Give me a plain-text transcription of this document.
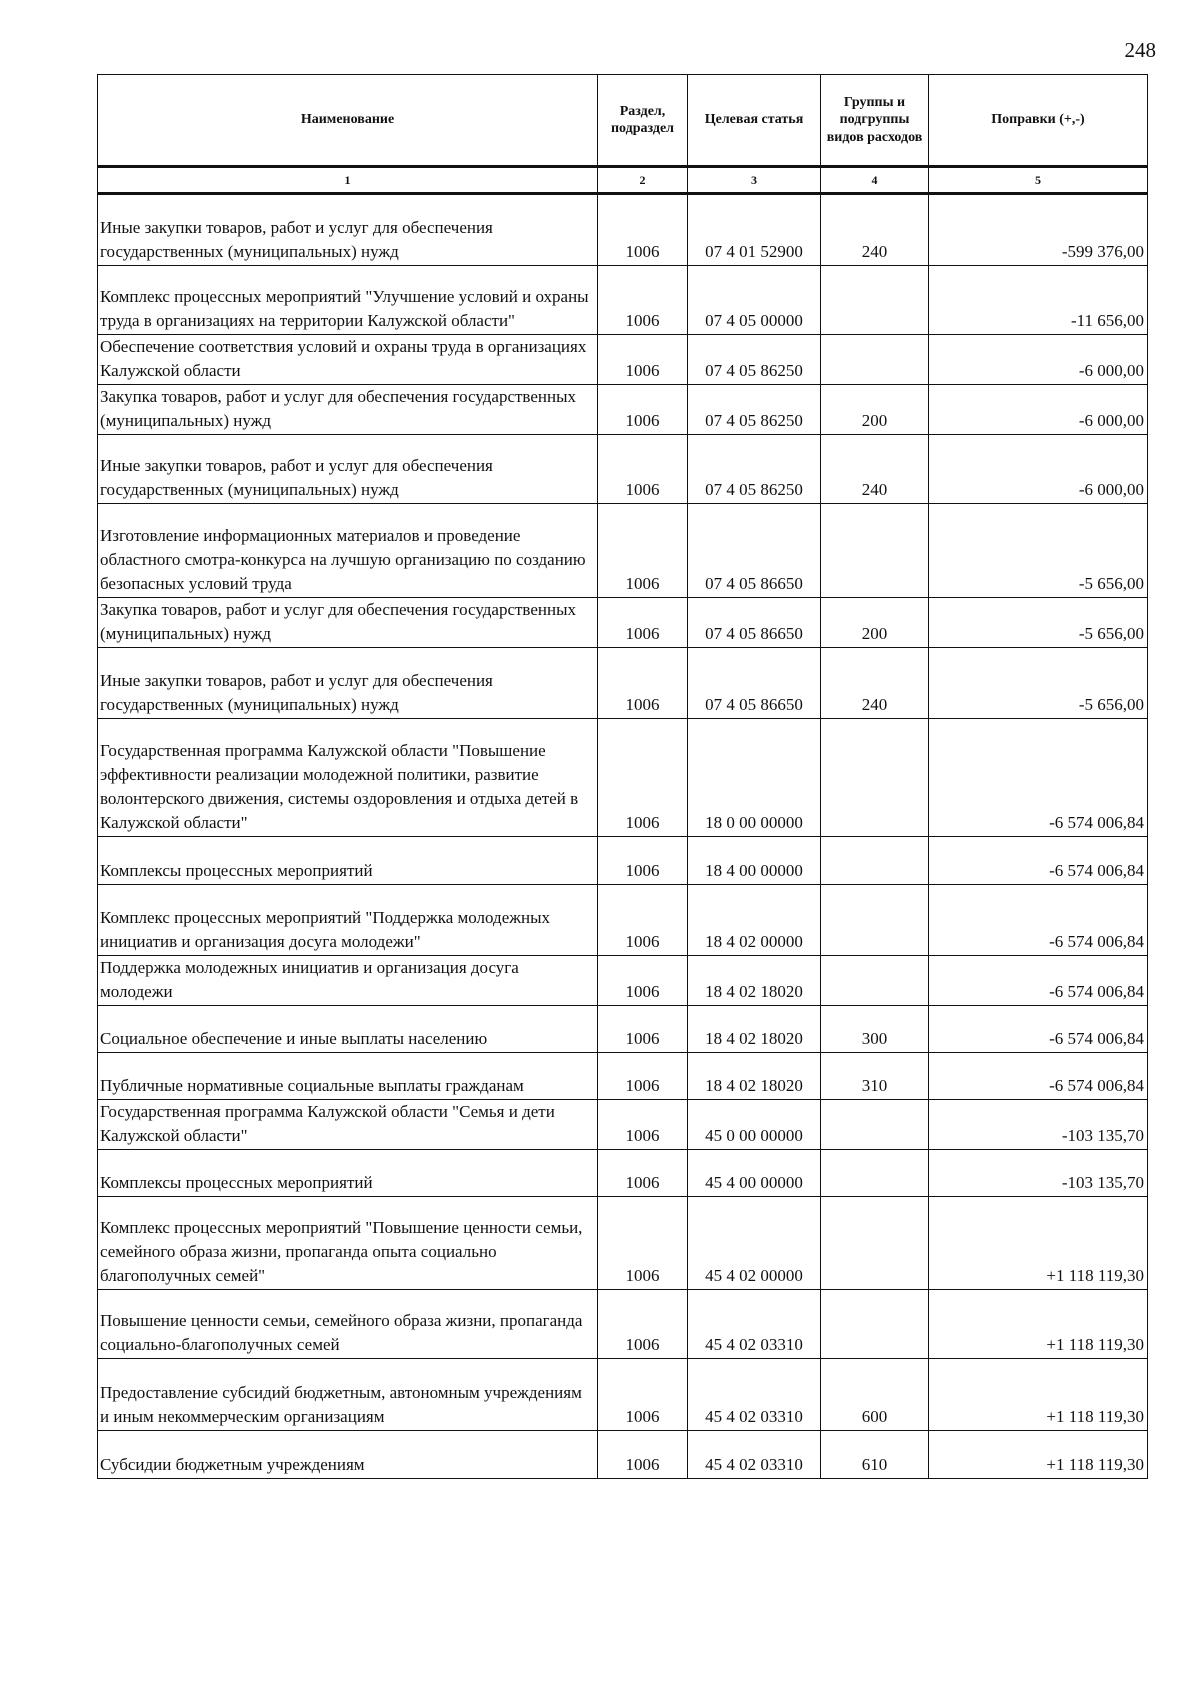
248
Наименование	Раздел, подраздел	Целевая статья	Группы и подгруппы видов расходов	Поправки (+,-)
1	2	3	4	5
Иные закупки товаров, работ и услуг для обеспечения государственных (муниципальных) нужд	1006	07 4 01 52900	240	-599 376,00
Комплекс процессных мероприятий "Улучшение условий и охраны труда в организациях на территории Калужской области"	1006	07 4 05 00000		-11 656,00
Обеспечение соответствия условий и охраны труда в организациях Калужской области	1006	07 4 05 86250		-6 000,00
Закупка товаров, работ и услуг для обеспечения государственных (муниципальных) нужд	1006	07 4 05 86250	200	-6 000,00
Иные закупки товаров, работ и услуг для обеспечения государственных (муниципальных) нужд	1006	07 4 05 86250	240	-6 000,00
Изготовление информационных материалов и проведение областного смотра-конкурса на лучшую организацию по созданию безопасных условий труда	1006	07 4 05 86650		-5 656,00
Закупка товаров, работ и услуг для обеспечения государственных (муниципальных) нужд	1006	07 4 05 86650	200	-5 656,00
Иные закупки товаров, работ и услуг для обеспечения государственных (муниципальных) нужд	1006	07 4 05 86650	240	-5 656,00
Государственная программа Калужской области "Повышение эффективности реализации молодежной политики, развитие волонтерского движения, системы оздоровления и отдыха детей в Калужской области"	1006	18 0 00 00000		-6 574 006,84
Комплексы процессных мероприятий	1006	18 4 00 00000		-6 574 006,84
Комплекс процессных мероприятий "Поддержка молодежных инициатив и организация досуга молодежи"	1006	18 4 02 00000		-6 574 006,84
Поддержка молодежных инициатив и организация досуга молодежи	1006	18 4 02 18020		-6 574 006,84
Социальное обеспечение и иные выплаты населению	1006	18 4 02 18020	300	-6 574 006,84
Публичные нормативные социальные выплаты гражданам	1006	18 4 02 18020	310	-6 574 006,84
Государственная программа Калужской области "Семья и дети Калужской области"	1006	45 0 00 00000		-103 135,70
Комплексы процессных мероприятий	1006	45 4 00 00000		-103 135,70
Комплекс процессных мероприятий "Повышение ценности семьи, семейного образа жизни, пропаганда опыта социально благополучных семей"	1006	45 4 02 00000		+1 118 119,30
Повышение ценности семьи, семейного образа жизни, пропаганда социально-благополучных семей	1006	45 4 02 03310		+1 118 119,30
Предоставление субсидий бюджетным, автономным учреждениям и иным некоммерческим организациям	1006	45 4 02 03310	600	+1 118 119,30
Субсидии бюджетным учреждениям	1006	45 4 02 03310	610	+1 118 119,30
